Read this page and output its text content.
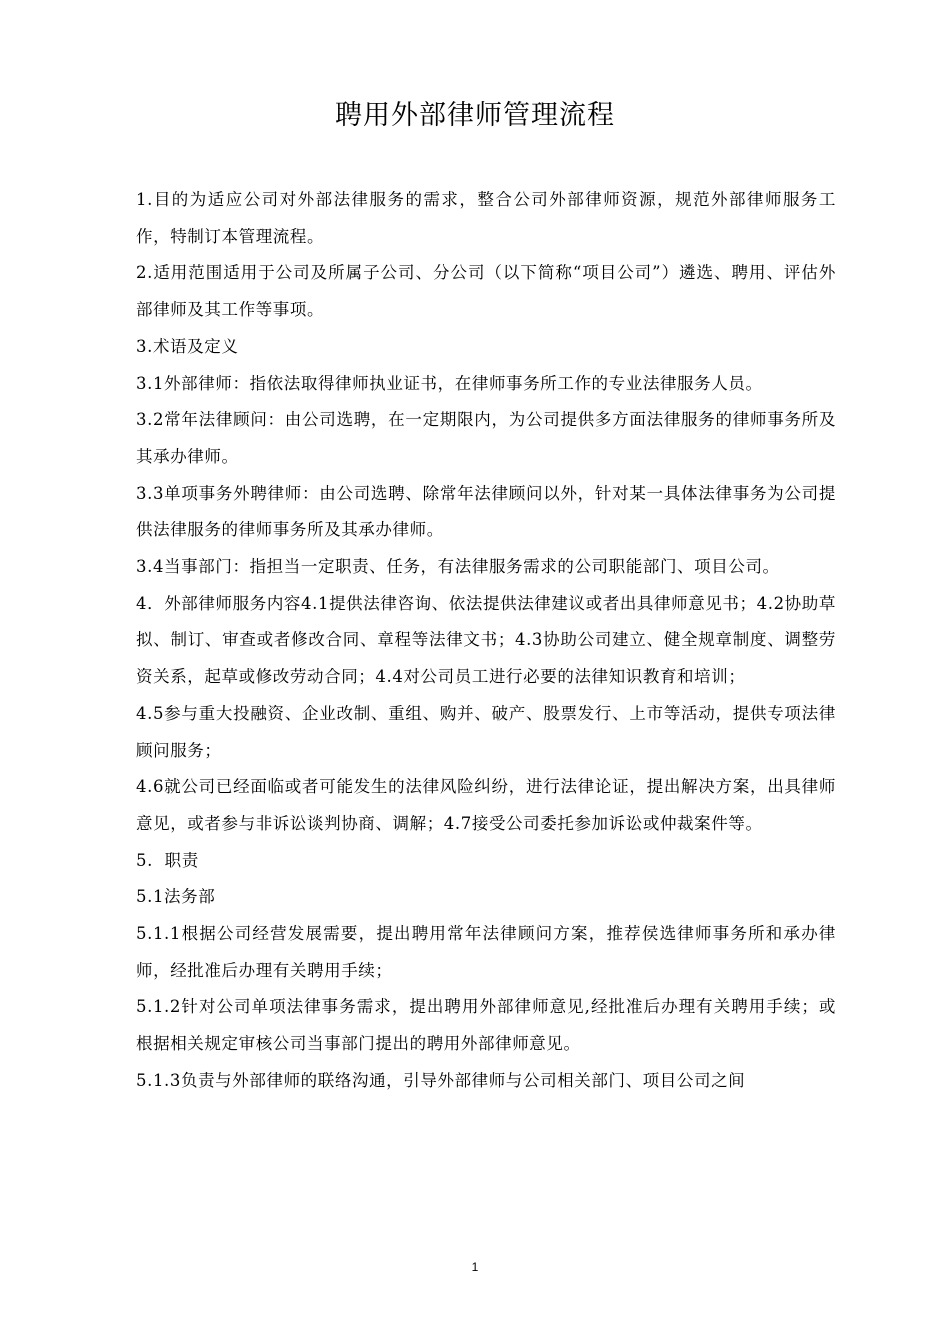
聘用外部律师管理流程

1.目的为适应公司对外部法律服务的需求，整合公司外部律师资源，规范外部律师服务工作，特制订本管理流程。

2.适用范围适用于公司及所属子公司、分公司（以下简称“项目公司”）遴选、聘用、评估外部律师及其工作等事项。

3.术语及定义

3.1外部律师：指依法取得律师执业证书，在律师事务所工作的专业法律服务人员。

3.2常年法律顾问：由公司选聘，在一定期限内，为公司提供多方面法律服务的律师事务所及其承办律师。

3.3单项事务外聘律师：由公司选聘、除常年法律顾问以外，针对某一具体法律事务为公司提供法律服务的律师事务所及其承办律师。

3.4当事部门：指担当一定职责、任务，有法律服务需求的公司职能部门、项目公司。

4．外部律师服务内容4.1提供法律咨询、依法提供法律建议或者出具律师意见书；4.2协助草拟、制订、审查或者修改合同、章程等法律文书；4.3协助公司建立、健全规章制度、调整劳资关系，起草或修改劳动合同；4.4对公司员工进行必要的法律知识教育和培训；

4.5参与重大投融资、企业改制、重组、购并、破产、股票发行、上市等活动，提供专项法律顾问服务；

4.6就公司已经面临或者可能发生的法律风险纠纷，进行法律论证，提出解决方案，出具律师意见，或者参与非诉讼谈判协商、调解；4.7接受公司委托参加诉讼或仲裁案件等。

5.  职责

5.1法务部

5.1.1根据公司经营发展需要，提出聘用常年法律顾问方案，推荐侯选律师事务所和承办律师，经批准后办理有关聘用手续；

5.1.2针对公司单项法律事务需求，提出聘用外部律师意见,经批准后办理有关聘用手续；或根据相关规定审核公司当事部门提出的聘用外部律师意见。

5.1.3负责与外部律师的联络沟通，引导外部律师与公司相关部门、项目公司之间

1
